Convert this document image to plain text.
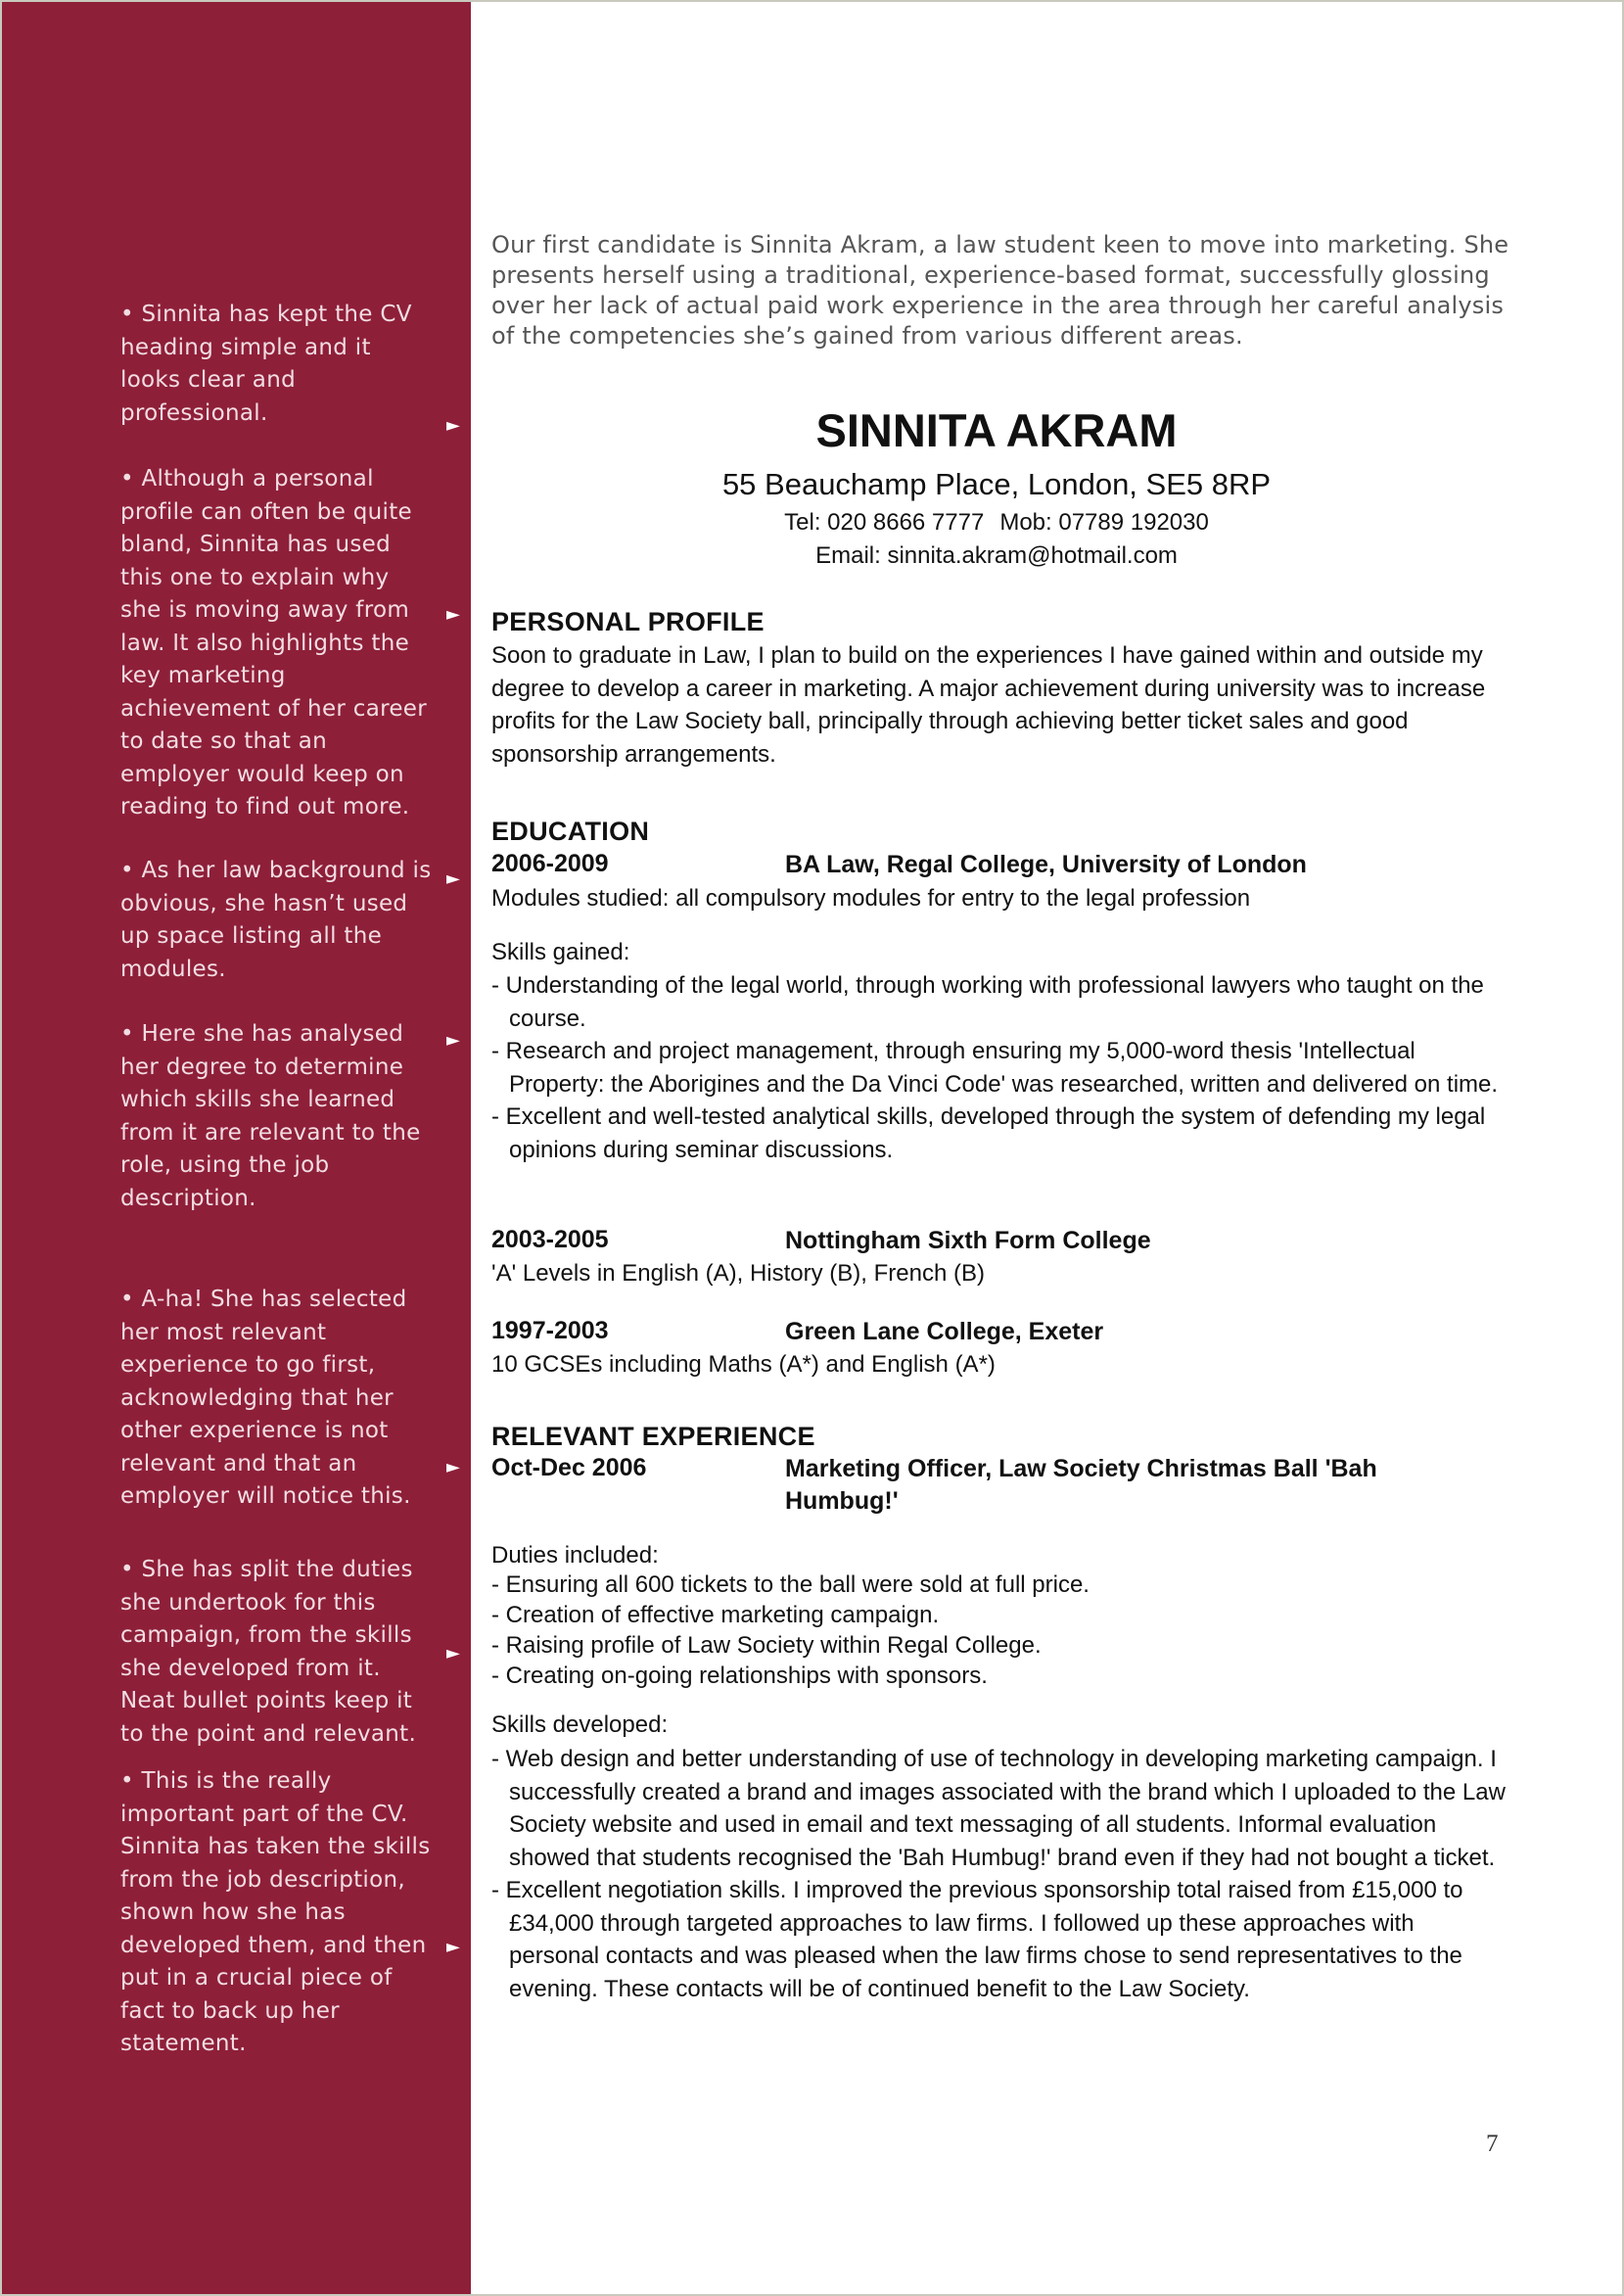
• Sinnita has kept the CV heading simple and it looks clear and professional.
• Although a personal profile can often be quite bland, Sinnita has used this one to explain why she is moving away from law. It also highlights the key marketing achievement of her career to date so that an employer would keep on reading to find out more.
• As her law background is obvious, she hasn’t used up space listing all the modules.
• Here she has analysed her degree to determine which skills she learned from it are relevant to the role, using the job description.
• A-ha! She has selected her most relevant experience to go first, acknowledging that her other experience is not relevant and that an employer will notice this.
• She has split the duties she undertook for this campaign, from the skills she developed from it. Neat bullet points keep it to the point and relevant.
• This is the really important part of the CV. Sinnita has taken the skills from the job description, shown how she has developed them, and then put in a crucial piece of fact to back up her statement.
►
►
►
►
►
►
►
Our first candidate is Sinnita Akram, a law student keen to move into marketing. She presents herself using a traditional, experience-based format, successfully glossing over her lack of actual paid work experience in the area through her careful analysis of the competencies she’s gained from various different areas.
SINNITA AKRAM
55 Beauchamp Place, London, SE5 8RP
Tel: 020 8666 7777 Mob: 07789 192030
Email: sinnita.akram@hotmail.com
PERSONAL PROFILE
Soon to graduate in Law, I plan to build on the experiences I have gained within and outside my degree to develop a career in marketing. A major achievement during university was to increase profits for the Law Society ball, principally through achieving better ticket sales and good sponsorship arrangements.
EDUCATION
2006-2009	BA Law, Regal College, University of London
Modules studied: all compulsory modules for entry to the legal profession
Skills gained:
- Understanding of the legal world, through working with professional lawyers who taught on the course.
- Research and project management, through ensuring my 5,000-word thesis 'Intellectual Property: the Aborigines and the Da Vinci Code' was researched, written and delivered on time.
- Excellent and well-tested analytical skills, developed through the system of defending my legal opinions during seminar discussions.
2003-2005	Nottingham Sixth Form College
'A' Levels in English (A), History (B), French (B)
1997-2003	Green Lane College, Exeter
10 GCSEs including Maths (A*) and English (A*)
RELEVANT EXPERIENCE
Oct-Dec 2006	Marketing Officer, Law Society Christmas Ball 'Bah Humbug!'
Duties included:
- Ensuring all 600 tickets to the ball were sold at full price.
- Creation of effective marketing campaign.
- Raising profile of Law Society within Regal College.
- Creating on-going relationships with sponsors.
Skills developed:
- Web design and better understanding of use of technology in developing marketing campaign. I successfully created a brand and images associated with the brand which I uploaded to the Law Society website and used in email and text messaging of all students. Informal evaluation showed that students recognised the 'Bah Humbug!' brand even if they had not bought a ticket.
- Excellent negotiation skills. I improved the previous sponsorship total raised from £15,000 to £34,000 through targeted approaches to law firms. I followed up these approaches with personal contacts and was pleased when the law firms chose to send representatives to the evening. These contacts will be of continued benefit to the Law Society.
7
